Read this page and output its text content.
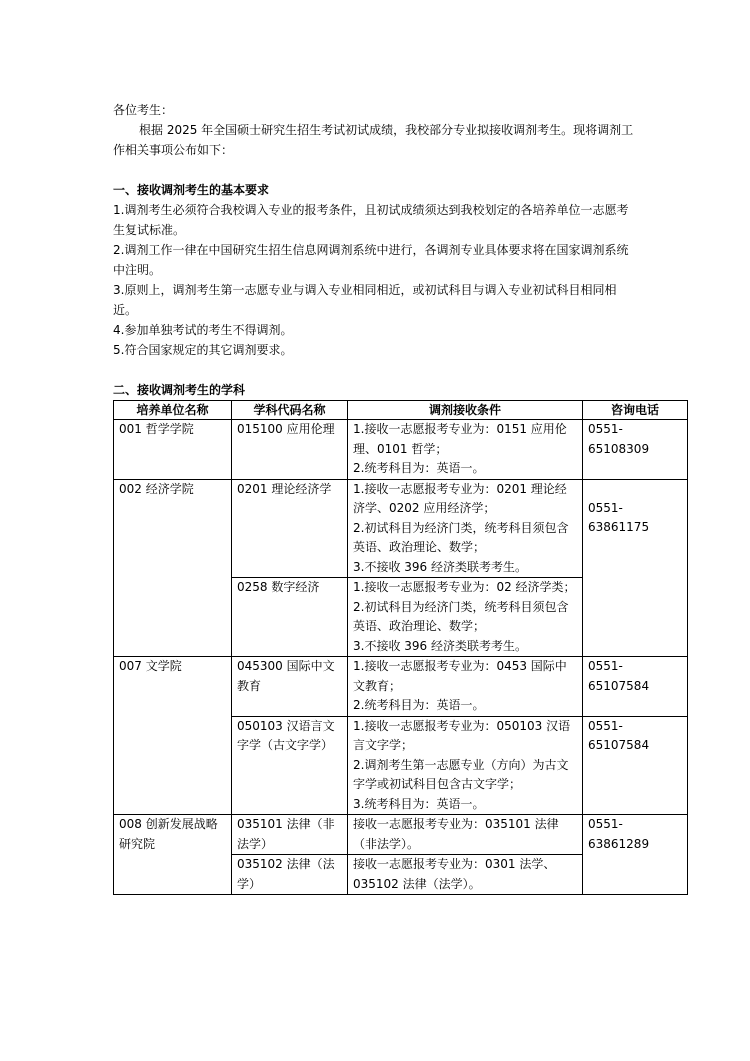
各位考生：

根据 2025 年全国硕士研究生招生考试初试成绩，我校部分专业拟接收调剂考生。现将调剂工作相关事项公布如下：

一、接收调剂考生的基本要求

1.调剂考生必须符合我校调入专业的报考条件，且初试成绩须达到我校划定的各培养单位一志愿考生复试标准。

2.调剂工作一律在中国研究生招生信息网调剂系统中进行，各调剂专业具体要求将在国家调剂系统中注明。

3.原则上，调剂考生第一志愿专业与调入专业相同相近，或初试科目与调入专业初试科目相同相近。

4.参加单独考试的考生不得调剂。

5.符合国家规定的其它调剂要求。

二、接收调剂考生的学科

培养单位名称	学科代码名称	调剂接收条件	咨询电话
001 哲学学院	015100 应用伦理	1.接收一志愿报考专业为：0151 应用伦理、0101 哲学；
2.统考科目为：英语一。	0551-65108309
002 经济学院	0201 理论经济学	1.接收一志愿报考专业为：0201 理论经济学、0202 应用经济学；
2.初试科目为经济门类，统考科目须包含英语、政治理论、数学；
3.不接收 396 经济类联考考生。	0551-63861175

	0258 数字经济	1.接收一志愿报考专业为：02 经济学类；
2.初试科目为经济门类，统考科目须包含英语、政治理论、数学；
3.不接收 396 经济类联考考生。	

007 文学院	045300 国际中文教育	1.接收一志愿报考专业为：0453 国际中文教育；
2.统考科目为：英语一。	0551-65107584
	050103 汉语言文字学（古文字学）	1.接收一志愿报考专业为：050103 汉语言文字学；
2.调剂考生第一志愿专业（方向）为古文字学或初试科目包含古文字学；
3.统考科目为：英语一。	0551-65107584
008 创新发展战略研究院	035101 法律（非法学）	接收一志愿报考专业为：035101 法律（非法学）。	0551-63861289
	035102 法律（法学）	接收一志愿报考专业为：0301 法学、035102 法律（法学）。	
